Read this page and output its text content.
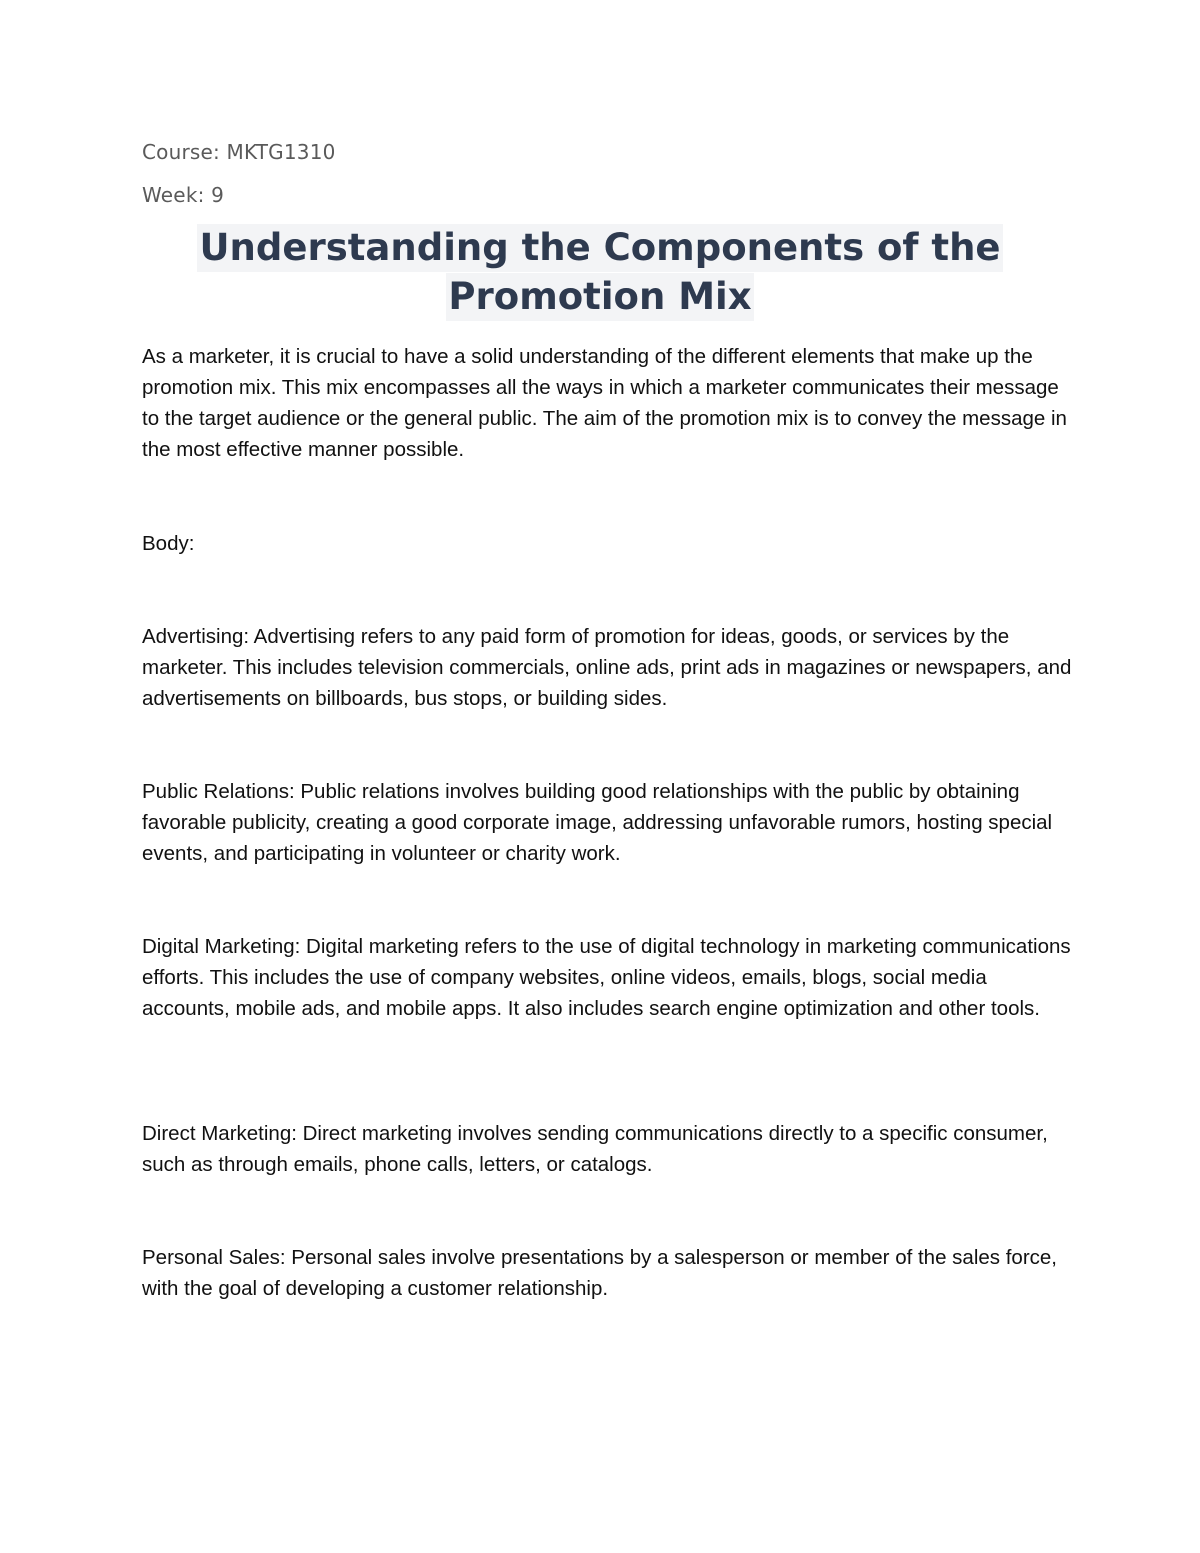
Course: MKTG1310
Week: 9
Understanding the Components of the
Promotion Mix

As a marketer, it is crucial to have a solid understanding of the different elements that make up the promotion mix. This mix encompasses all the ways in which a marketer communicates their message to the target audience or the general public. The aim of the promotion mix is to convey the message in the most effective manner possible.

Body:

Advertising: Advertising refers to any paid form of promotion for ideas, goods, or services by the marketer. This includes television commercials, online ads, print ads in magazines or newspapers, and advertisements on billboards, bus stops, or building sides.

Public Relations: Public relations involves building good relationships with the public by obtaining favorable publicity, creating a good corporate image, addressing unfavorable rumors, hosting special events, and participating in volunteer or charity work.

Digital Marketing: Digital marketing refers to the use of digital technology in marketing communications efforts. This includes the use of company websites, online videos, emails, blogs, social media accounts, mobile ads, and mobile apps. It also includes search engine optimization and other tools.

Direct Marketing: Direct marketing involves sending communications directly to a specific consumer, such as through emails, phone calls, letters, or catalogs.

Personal Sales: Personal sales involve presentations by a salesperson or member of the sales force, with the goal of developing a customer relationship.
